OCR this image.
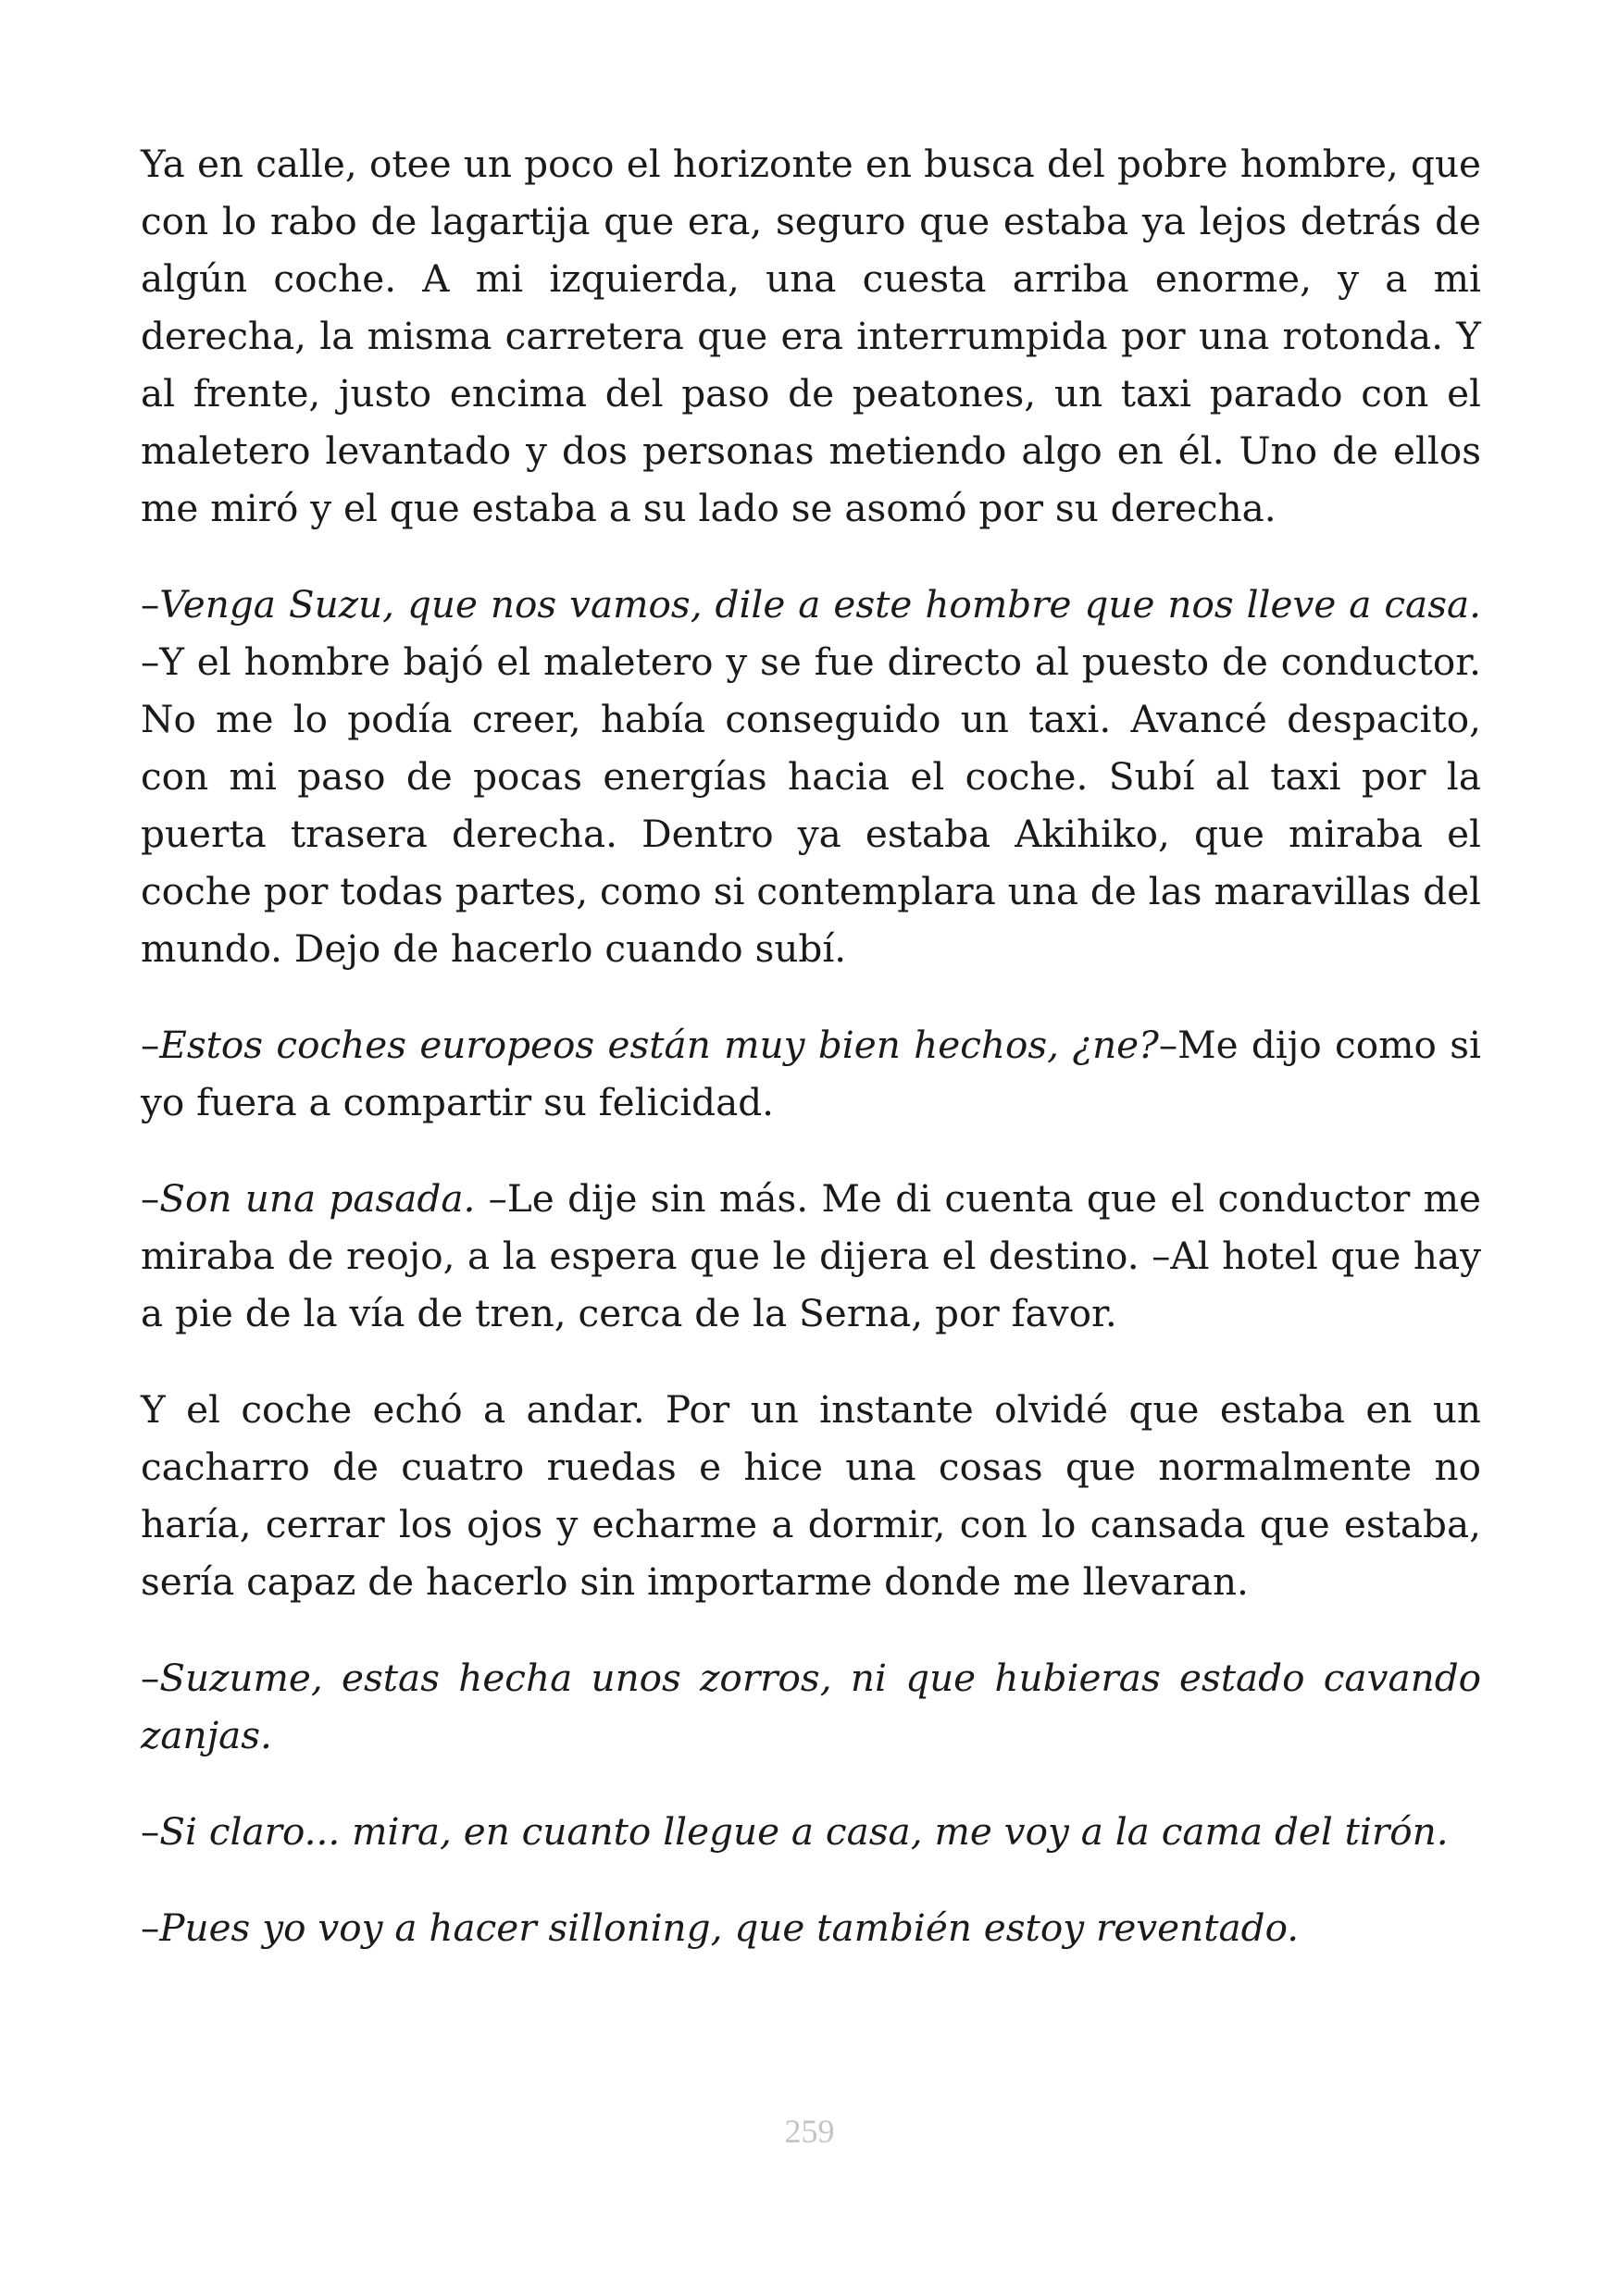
Ya en calle, otee un poco el horizonte en busca del pobre hombre, que con lo rabo de lagartija que era, seguro que estaba ya lejos detrás de algún coche. A mi izquierda, una cuesta arriba enorme, y a mi derecha, la misma carretera que era interrumpida por una rotonda. Y al frente, justo encima del paso de peatones, un taxi parado con el maletero levantado y dos personas metiendo algo en él. Uno de ellos me miró y el que estaba a su lado se asomó por su derecha.

–Venga Suzu, que nos vamos, dile a este hombre que nos lleve a casa. –Y el hombre bajó el maletero y se fue directo al puesto de conductor. No me lo podía creer, había conseguido un taxi. Avancé despacito, con mi paso de pocas energías hacia el coche. Subí al taxi por la puerta trasera derecha. Dentro ya estaba Akihiko, que miraba el coche por todas partes, como si contemplara una de las maravillas del mundo. Dejo de hacerlo cuando subí.

–Estos coches europeos están muy bien hechos, ¿ne?–Me dijo como si yo fuera a compartir su felicidad.

–Son una pasada. –Le dije sin más. Me di cuenta que el conductor me miraba de reojo, a la espera que le dijera el destino. –Al hotel que hay a pie de la vía de tren, cerca de la Serna, por favor.

Y el coche echó a andar. Por un instante olvidé que estaba en un cacharro de cuatro ruedas e hice una cosas que normalmente no haría, cerrar los ojos y echarme a dormir, con lo cansada que estaba, sería capaz de hacerlo sin importarme donde me llevaran.

–Suzume, estas hecha unos zorros, ni que hubieras estado cavando zanjas.

–Si claro... mira, en cuanto llegue a casa, me voy a la cama del tirón.

–Pues yo voy a hacer silloning, que también estoy reventado.

259
